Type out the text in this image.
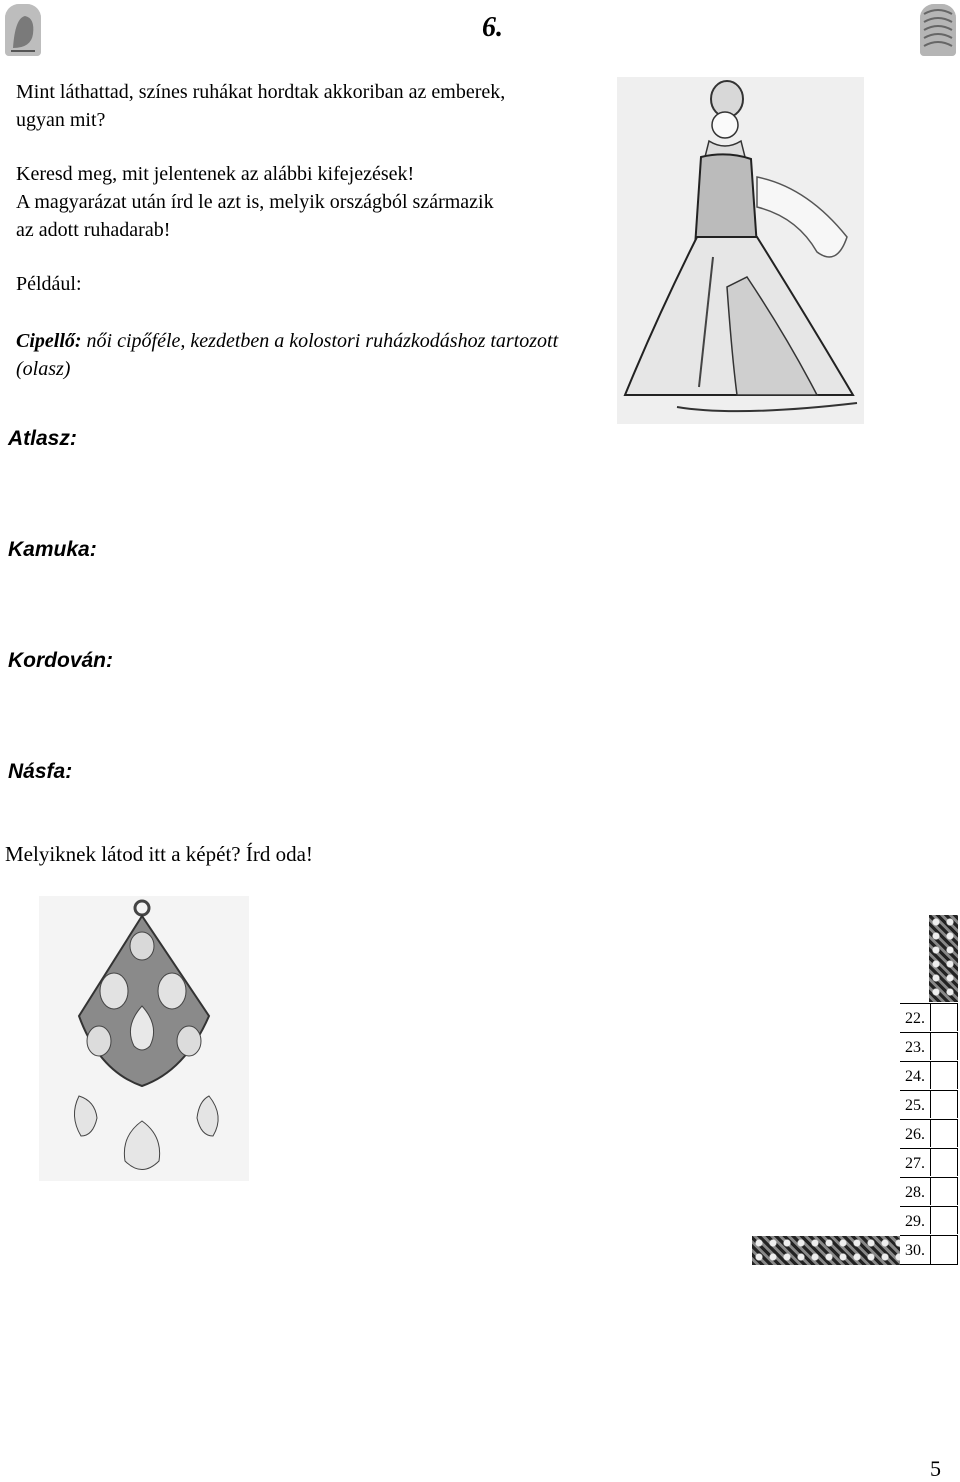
6.
Mint láthattad, színes ruhákat hordtak akkoriban az emberek,
ugyan mit?
Keresd meg, mit jelentenek az alábbi kifejezések!
A magyarázat után írd le azt is, melyik országból származik
az adott ruhadarab!
Például:
Cipellő: női cipőféle, kezdetben a kolostori ruházkodáshoz tartozott
(olasz)
Atlasz:
Kamuka:
Kordován:
Násfa:
Melyiknek látod itt a képét? Írd oda!
22.
23.
24.
25.
26.
27.
28.
29.
30.
5
